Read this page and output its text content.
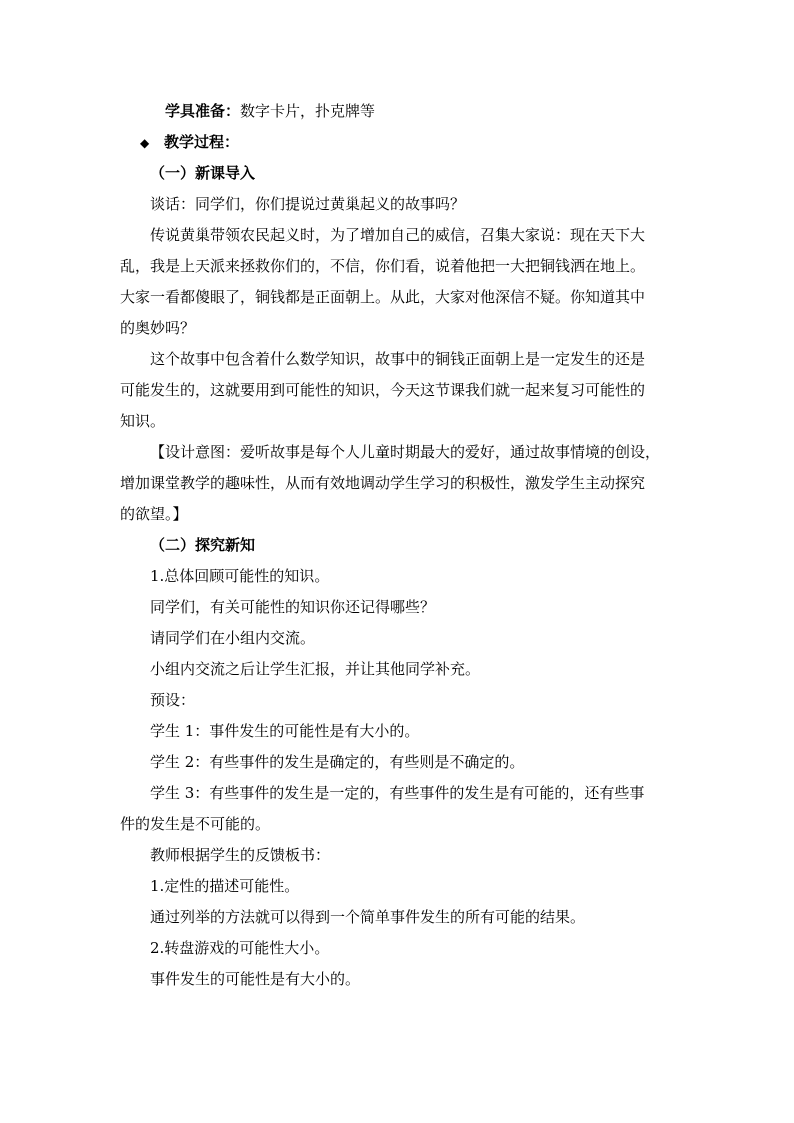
学具准备：数字卡片，扑克牌等
◆ 教学过程：
（一）新课导入
谈话：同学们，你们提说过黄巢起义的故事吗？
传说黄巢带领农民起义时，为了增加自己的威信，召集大家说：现在天下大
乱，我是上天派来拯救你们的，不信，你们看，说着他把一大把铜钱洒在地上。
大家一看都傻眼了，铜钱都是正面朝上。从此，大家对他深信不疑。你知道其中
的奥妙吗？
这个故事中包含着什么数学知识，故事中的铜钱正面朝上是一定发生的还是
可能发生的，这就要用到可能性的知识，今天这节课我们就一起来复习可能性的
知识。
【设计意图：爱听故事是每个人儿童时期最大的爱好，通过故事情境的创设，
增加课堂教学的趣味性，从而有效地调动学生学习的积极性，激发学生主动探究
的欲望。】
（二）探究新知
1.总体回顾可能性的知识。
同学们，有关可能性的知识你还记得哪些？
请同学们在小组内交流。
小组内交流之后让学生汇报，并让其他同学补充。
预设：
学生 1：事件发生的可能性是有大小的。
学生 2：有些事件的发生是确定的，有些则是不确定的。
学生 3：有些事件的发生是一定的，有些事件的发生是有可能的，还有些事
件的发生是不可能的。
教师根据学生的反馈板书：
1.定性的描述可能性。
通过列举的方法就可以得到一个简单事件发生的所有可能的结果。
2.转盘游戏的可能性大小。
事件发生的可能性是有大小的。
